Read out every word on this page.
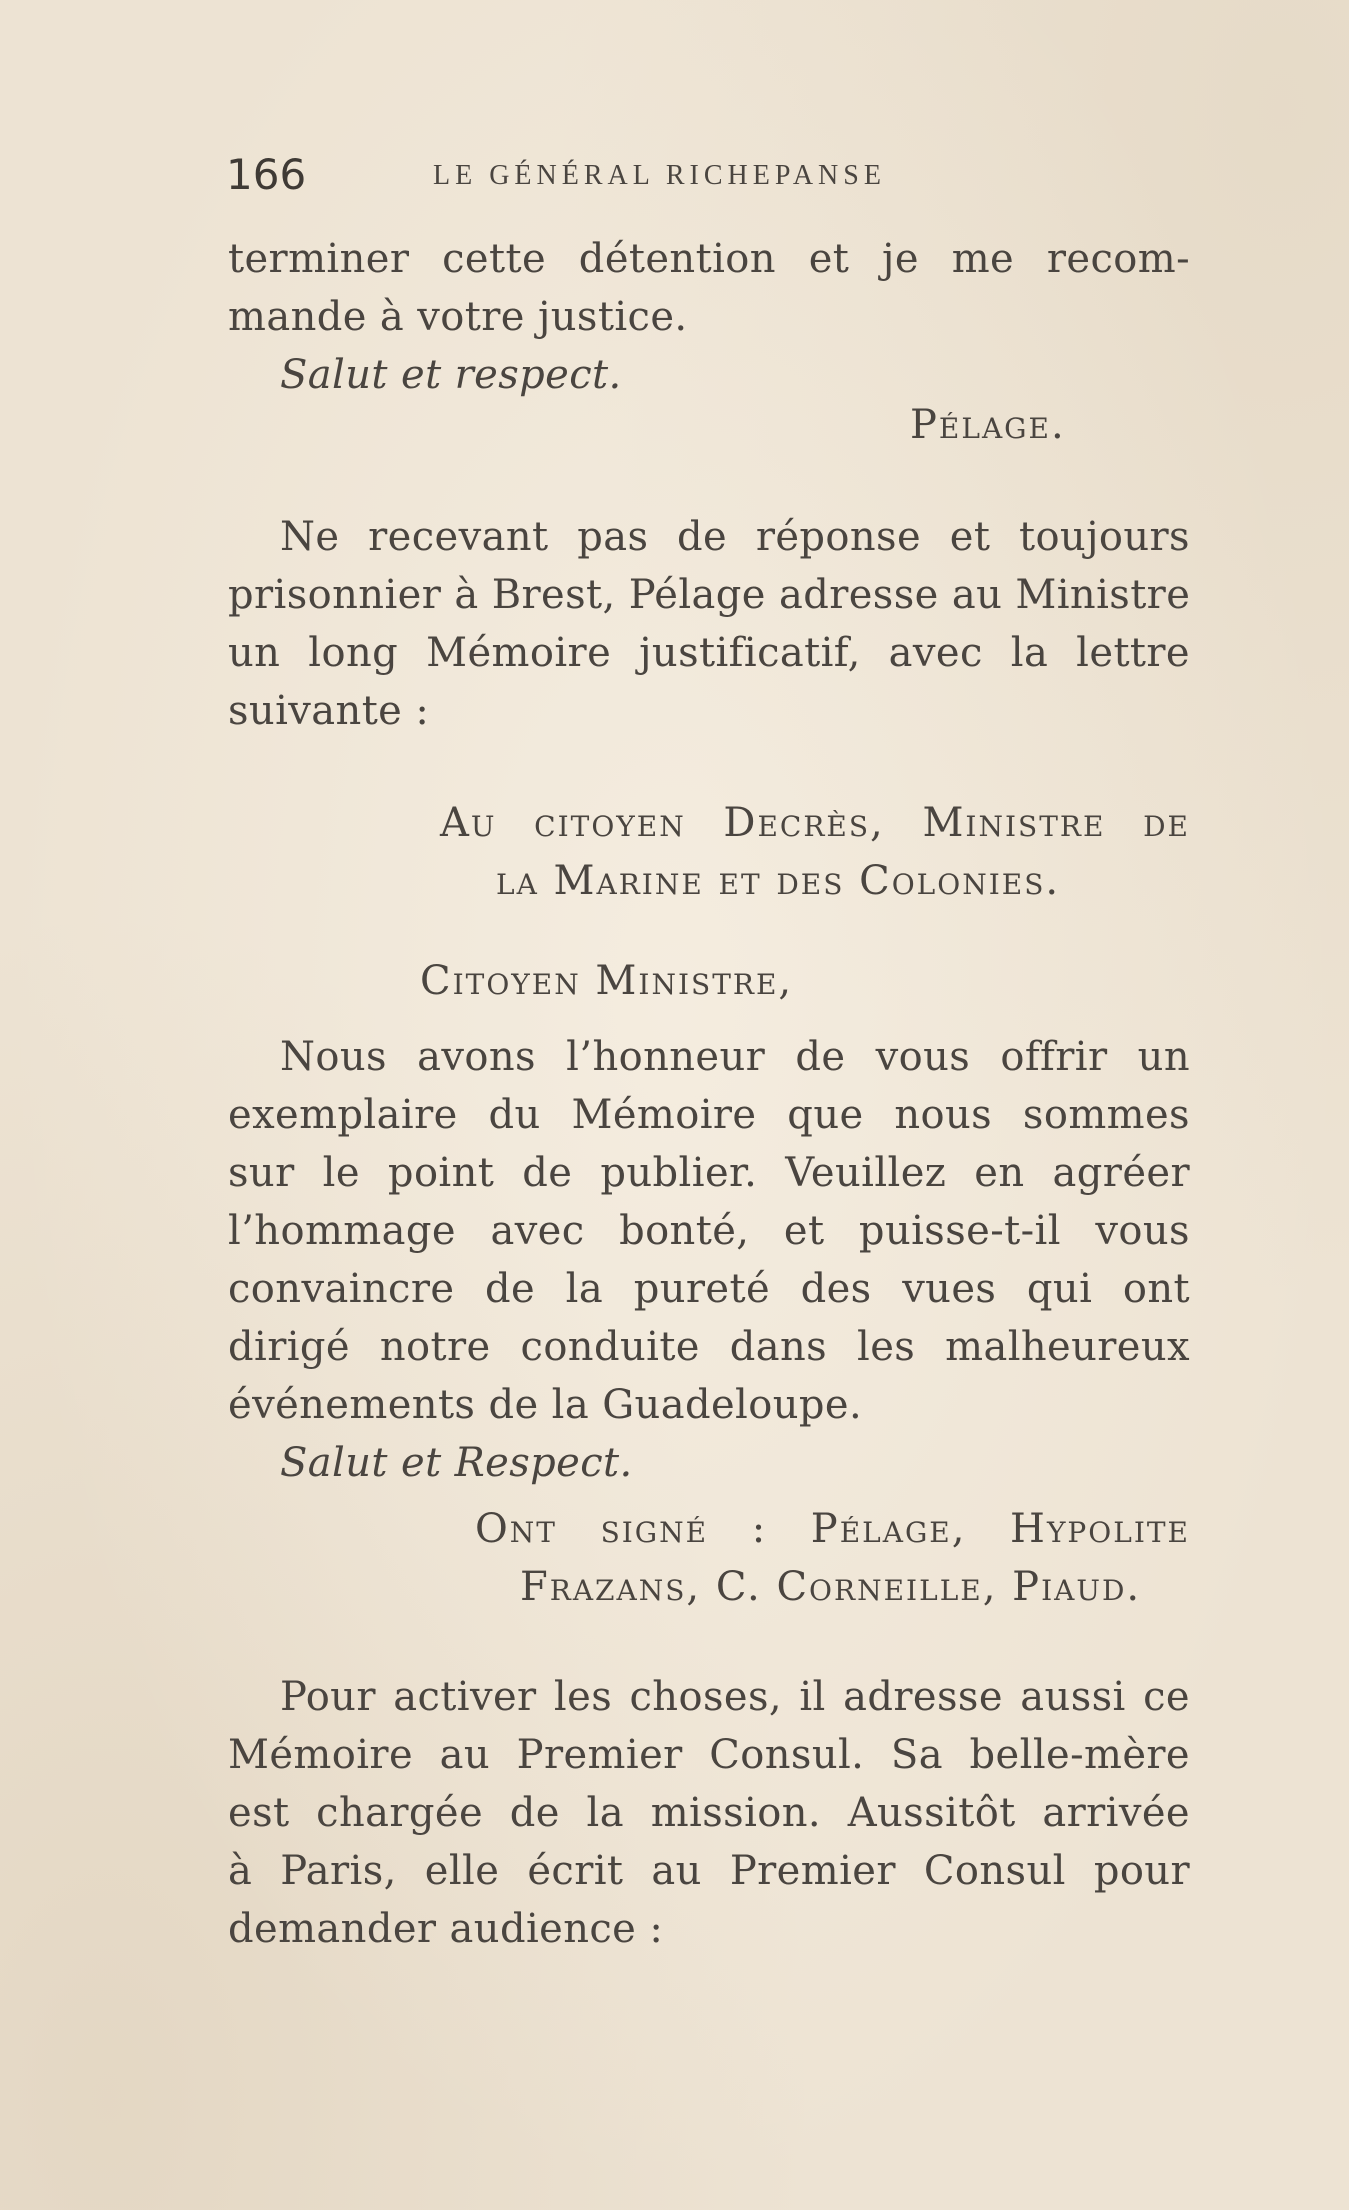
166	LE GÉNÉRAL RICHEPANSE
terminer cette détention et je me recom-
mande à votre justice.
Salut et respect.
Pélage.
Ne recevant pas de réponse et toujours
prisonnier à Brest, Pélage adresse au Ministre
un long Mémoire justificatif, avec la lettre
suivante :
Au citoyen Decrès, Ministre de
la Marine et des Colonies.
Citoyen Ministre,
Nous avons l’honneur de vous offrir un
exemplaire du Mémoire que nous sommes
sur le point de publier. Veuillez en agréer
l’hommage avec bonté, et puisse-t-il vous
convaincre de la pureté des vues qui ont
dirigé notre conduite dans les malheureux
événements de la Guadeloupe.
Salut et Respect.
Ont signé : Pélage, Hypolite
Frazans, C. Corneille, Piaud.
Pour activer les choses, il adresse aussi ce
Mémoire au Premier Consul. Sa belle-mère
est chargée de la mission. Aussitôt arrivée
à Paris, elle écrit au Premier Consul pour
demander audience :
